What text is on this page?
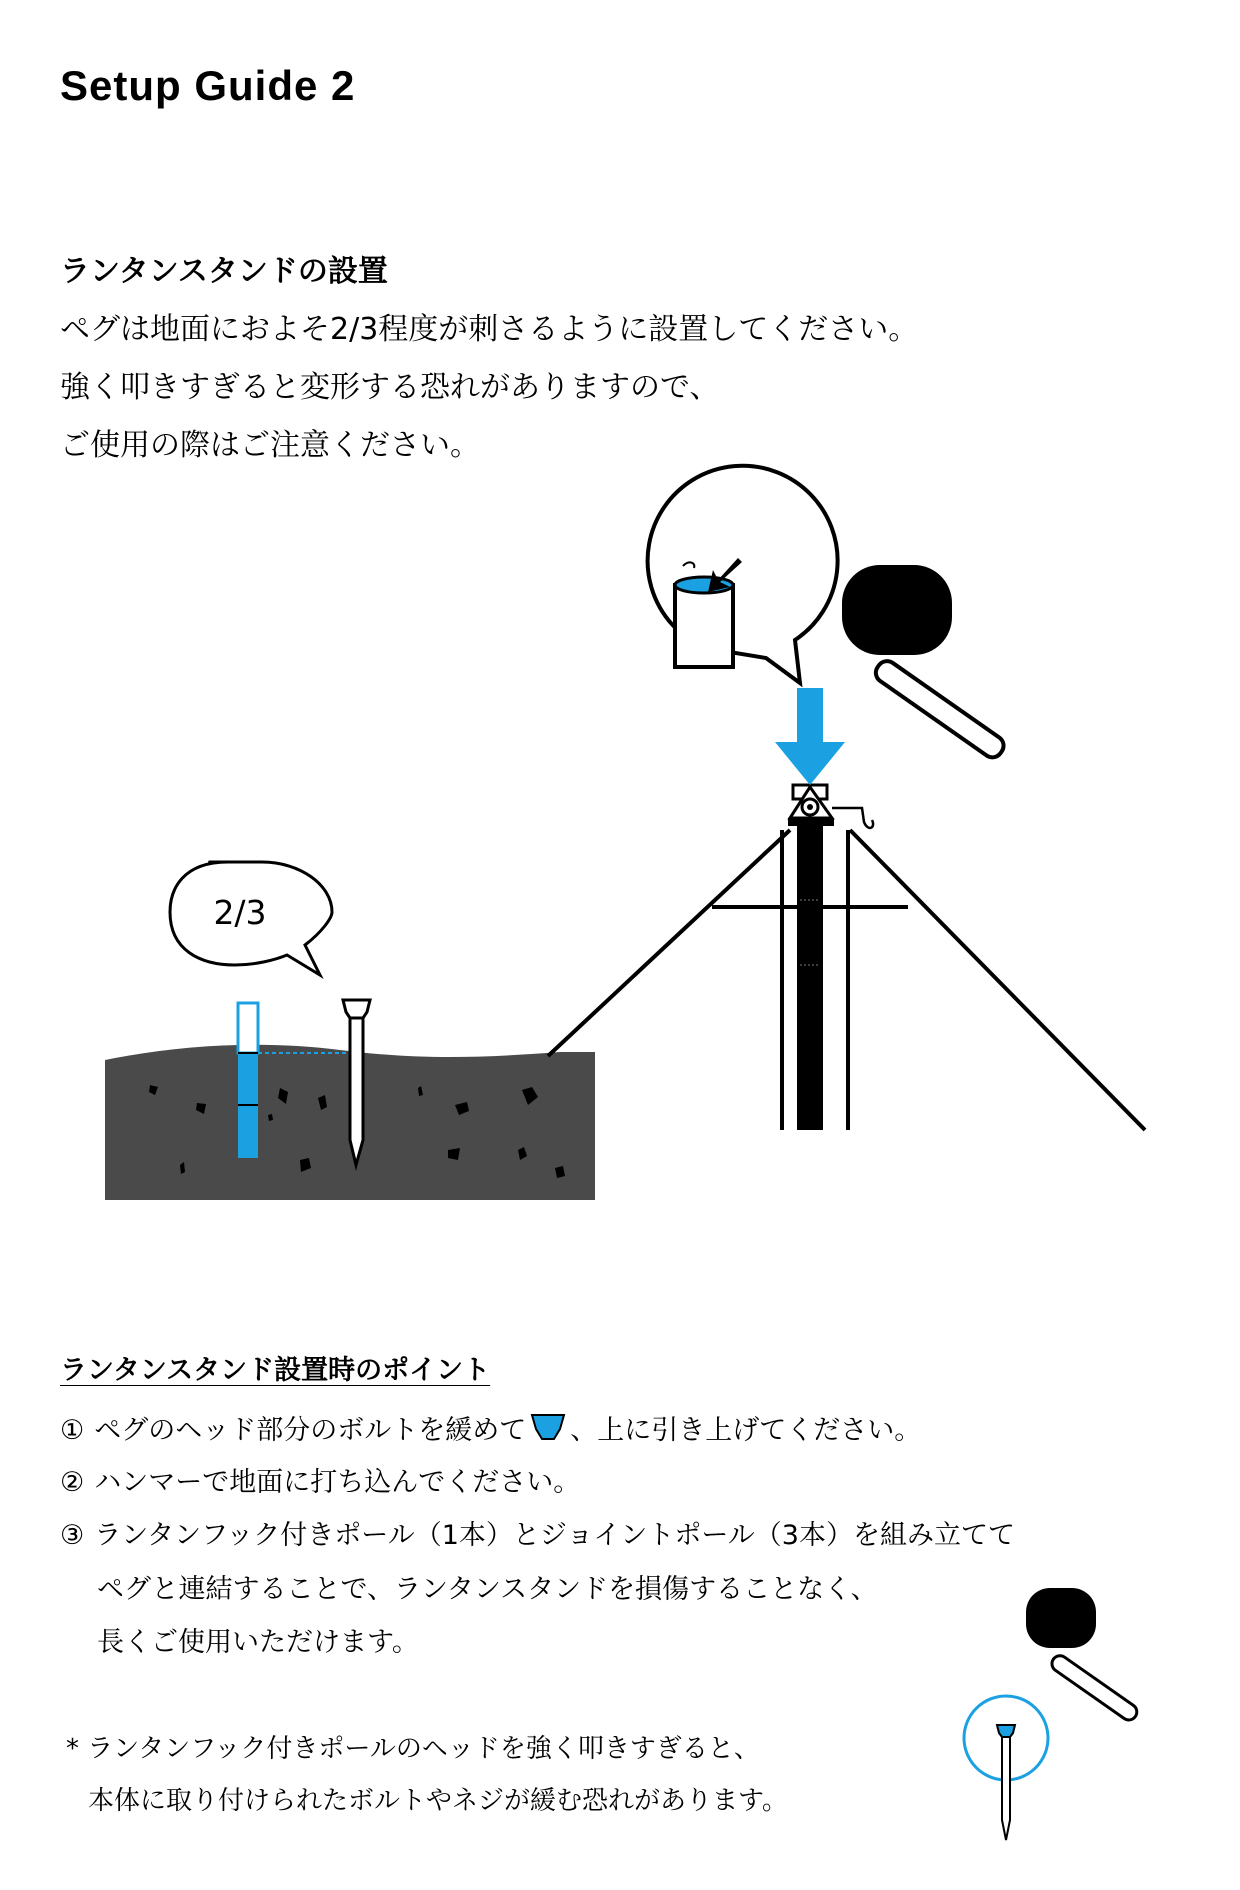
Setup Guide 2
ランタンスタンドの設置

ペグは地面におよそ2/3程度が刺さるように設置してください。

強く叩きすぎると変形する恐れがありますので、

ご使用の際はご注意ください。

2/3
ランタンスタンド設置時のポイント

① ペグのヘッド部分のボルトを緩めて 、上に引き上げてください。

② ハンマーで地面に打ち込んでください。

③ ランタンフック付きポール（1本）とジョイントポール（3本）を組み立てて

ペグと連結することで、ランタンスタンドを損傷することなく、

長くご使用いただけます。

* ランタンフック付きポールのヘッドを強く叩きすぎると、

本体に取り付けられたボルトやネジが緩む恐れがあります。
